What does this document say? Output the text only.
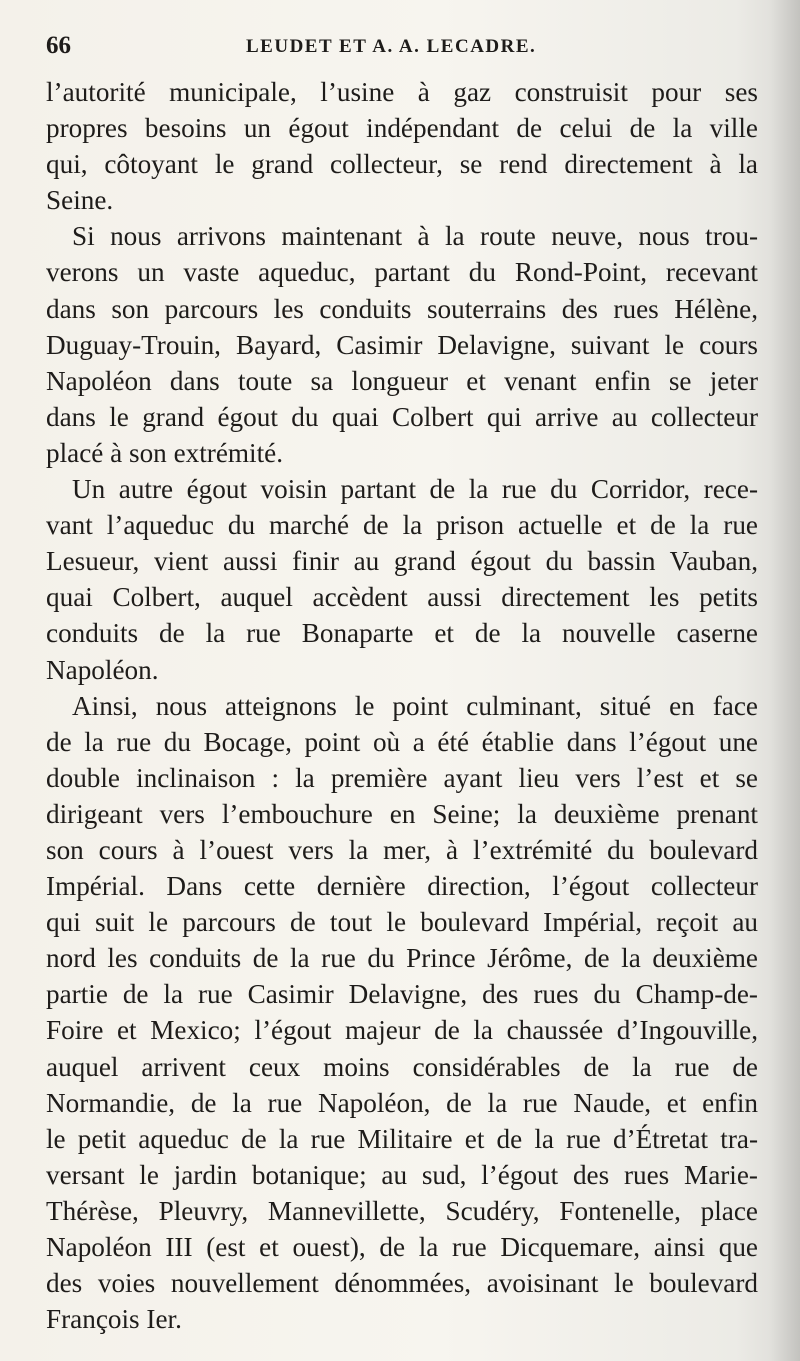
66	LEUDET ET A. A. LECADRE.
l’autorité municipale, l’usine à gaz construisit pour ses
propres besoins un égout indépendant de celui de la ville
qui, côtoyant le grand collecteur, se rend directement à la
Seine.
Si nous arrivons maintenant à la route neuve, nous trou-
verons un vaste aqueduc, partant du Rond-Point, recevant
dans son parcours les conduits souterrains des rues Hélène,
Duguay-Trouin, Bayard, Casimir Delavigne, suivant le cours
Napoléon dans toute sa longueur et venant enfin se jeter
dans le grand égout du quai Colbert qui arrive au collecteur
placé à son extrémité.
Un autre égout voisin partant de la rue du Corridor, rece-
vant l’aqueduc du marché de la prison actuelle et de la rue
Lesueur, vient aussi finir au grand égout du bassin Vauban,
quai Colbert, auquel accèdent aussi directement les petits
conduits de la rue Bonaparte et de la nouvelle caserne
Napoléon.
Ainsi, nous atteignons le point culminant, situé en face
de la rue du Bocage, point où a été établie dans l’égout une
double inclinaison : la première ayant lieu vers l’est et se
dirigeant vers l’embouchure en Seine; la deuxième prenant
son cours à l’ouest vers la mer, à l’extrémité du boulevard
Impérial. Dans cette dernière direction, l’égout collecteur
qui suit le parcours de tout le boulevard Impérial, reçoit au
nord les conduits de la rue du Prince Jérôme, de la deuxième
partie de la rue Casimir Delavigne, des rues du Champ-de-
Foire et Mexico; l’égout majeur de la chaussée d’Ingouville,
auquel arrivent ceux moins considérables de la rue de
Normandie, de la rue Napoléon, de la rue Naude, et enfin
le petit aqueduc de la rue Militaire et de la rue d’Étretat tra-
versant le jardin botanique; au sud, l’égout des rues Marie-
Thérèse, Pleuvry, Mannevillette, Scudéry, Fontenelle, place
Napoléon III (est et ouest), de la rue Dicquemare, ainsi que
des voies nouvellement dénommées, avoisinant le boulevard
François Ier.
